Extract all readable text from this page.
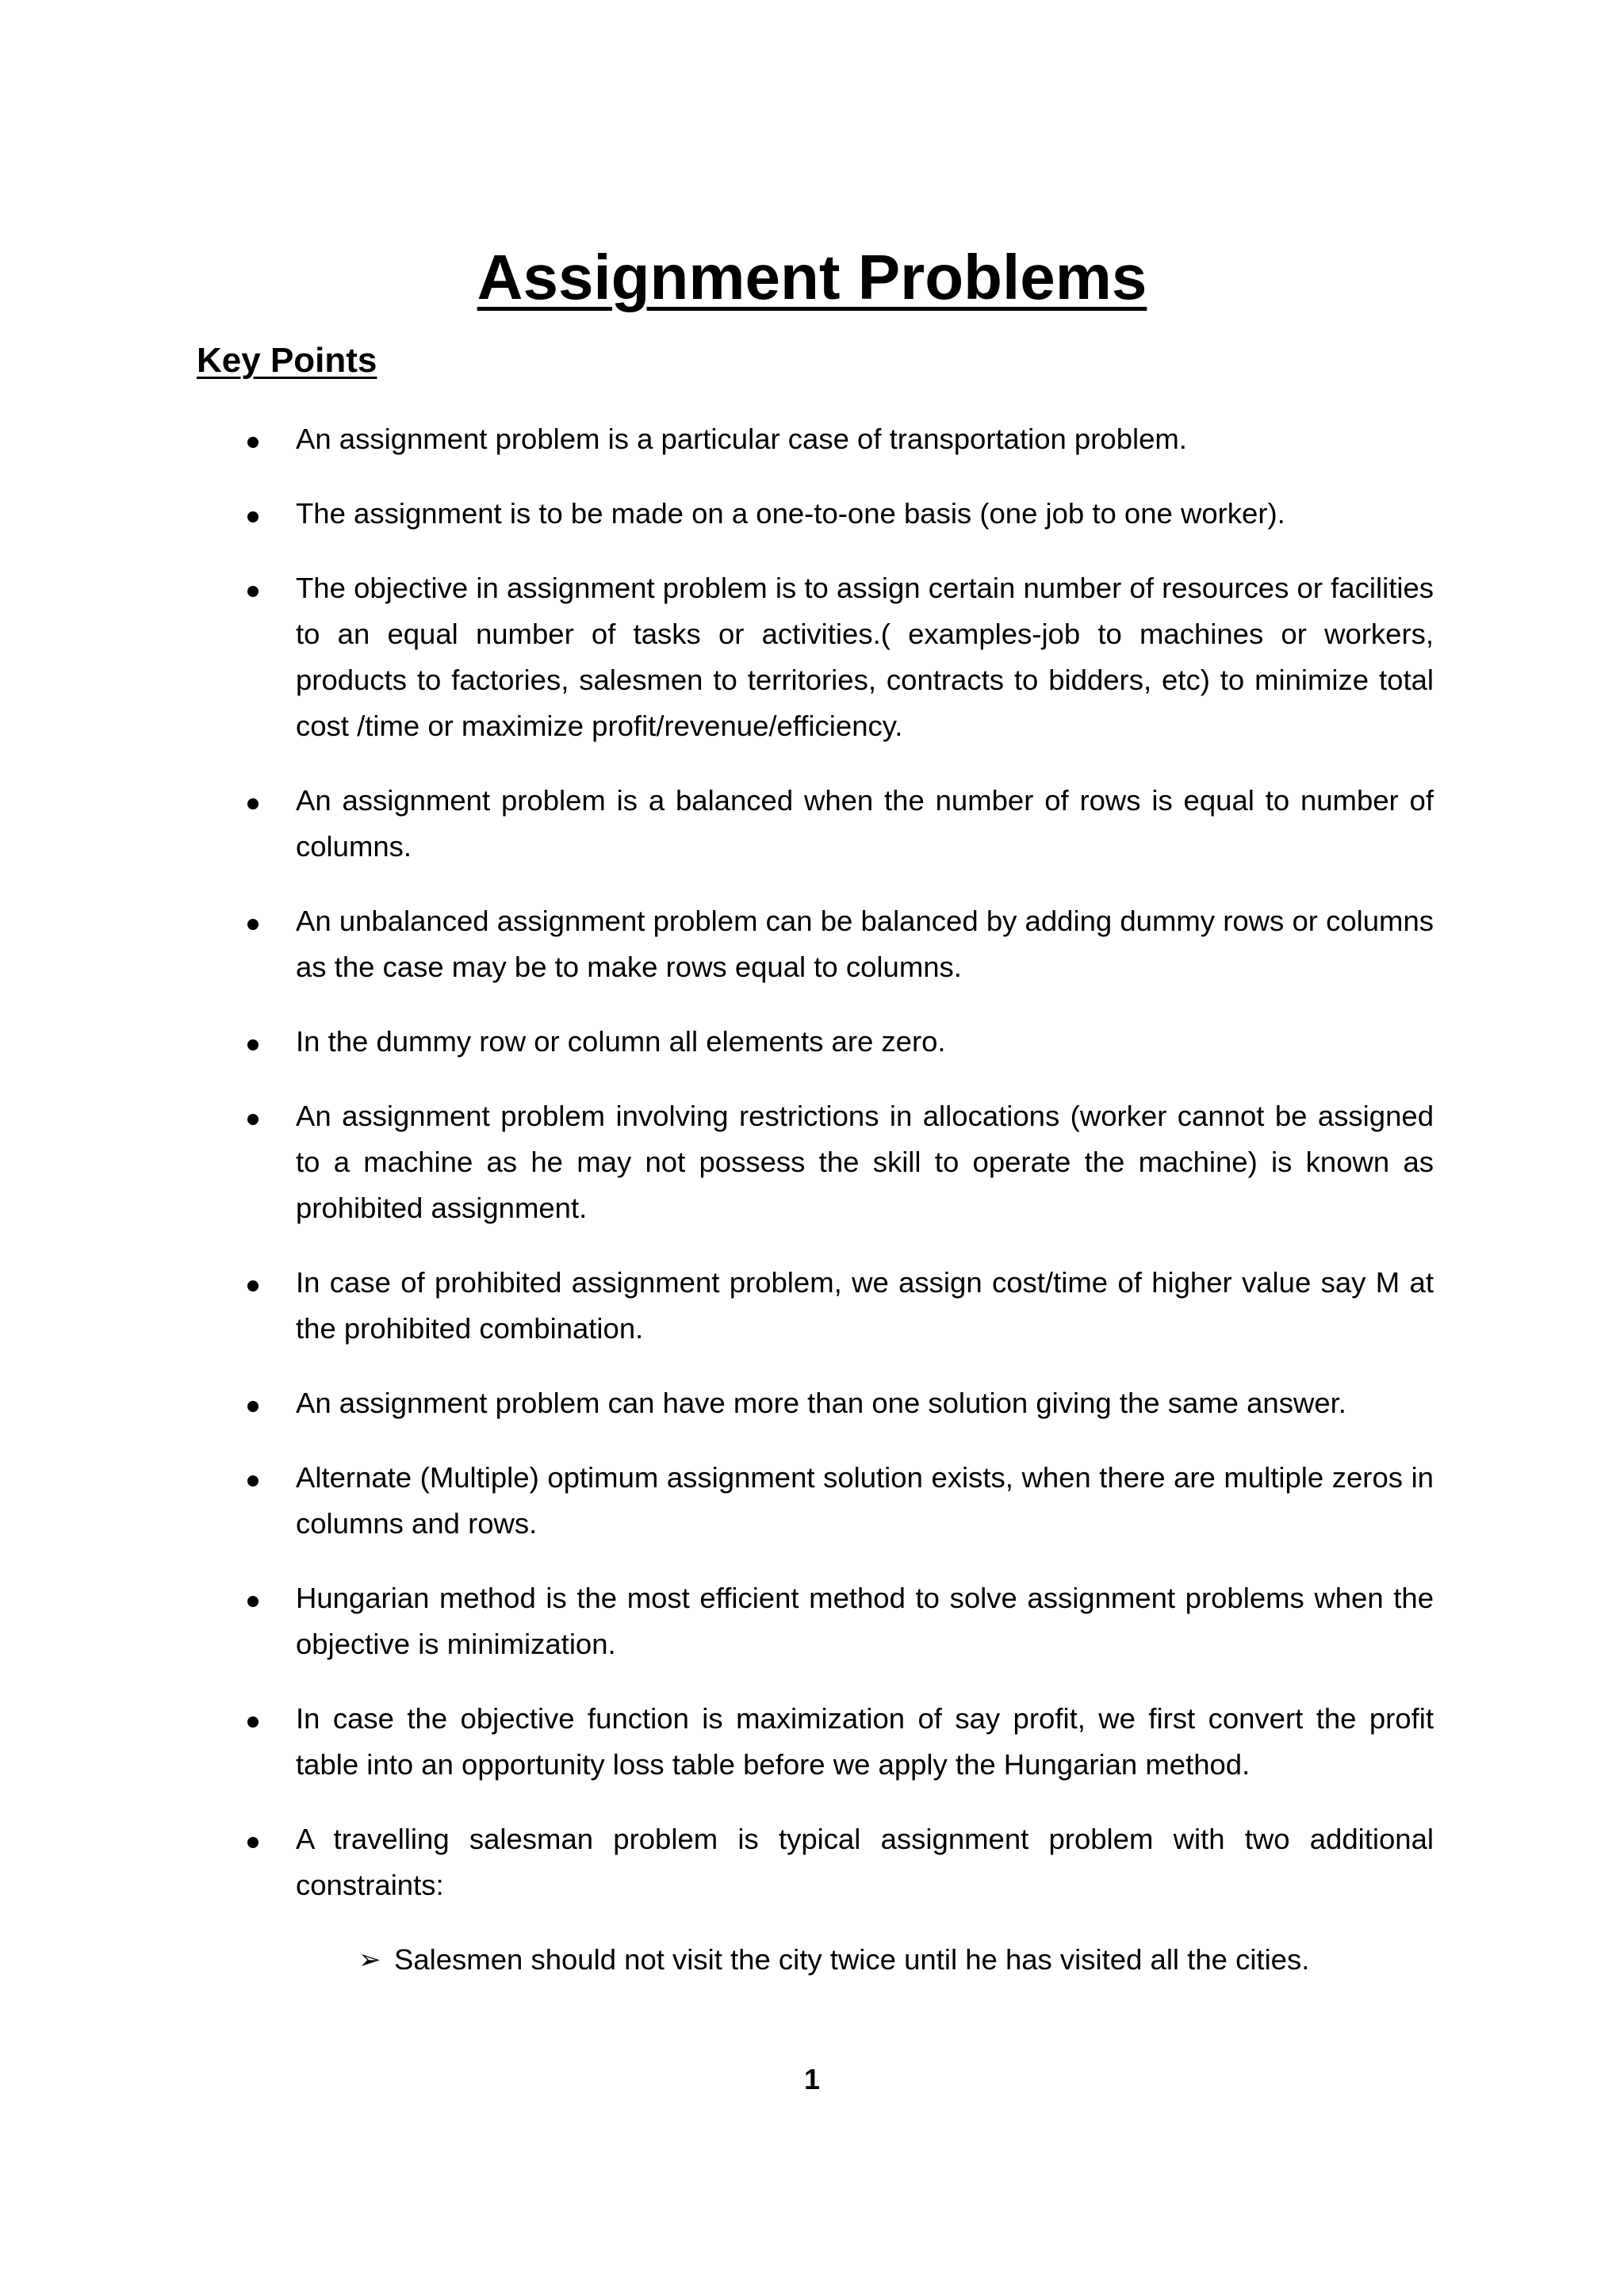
Assignment Problems
Key Points
An assignment problem is a particular case of transportation problem.
The assignment is to be made on a one-to-one basis (one job to one worker).
The objective in assignment problem is to assign certain number of resources or facilities to an equal number of tasks or activities.( examples-job to machines or workers, products to factories, salesmen to territories, contracts to bidders, etc) to minimize total cost /time or maximize profit/revenue/efficiency.
An assignment problem is a balanced when the number of rows is equal to number of columns.
An unbalanced assignment problem can be balanced by adding dummy rows or columns as the case may be to make rows equal to columns.
In the dummy row or column all elements are zero.
An assignment problem involving restrictions in allocations (worker cannot be assigned to a machine as he may not possess the skill to operate the machine) is known as prohibited assignment.
In case of prohibited assignment problem, we assign cost/time of higher value say M at the prohibited combination.
An assignment problem can have more than one solution giving the same answer.
Alternate (Multiple) optimum assignment solution exists, when there are multiple zeros in columns and rows.
Hungarian method is the most efficient method to solve assignment problems when the objective is minimization.
In case the objective function is maximization of say profit, we first convert the profit table into an opportunity loss table before we apply the Hungarian method.
A travelling salesman problem is typical assignment problem with two additional constraints:
➢ Salesmen should not visit the city twice until he has visited all the cities.
1
